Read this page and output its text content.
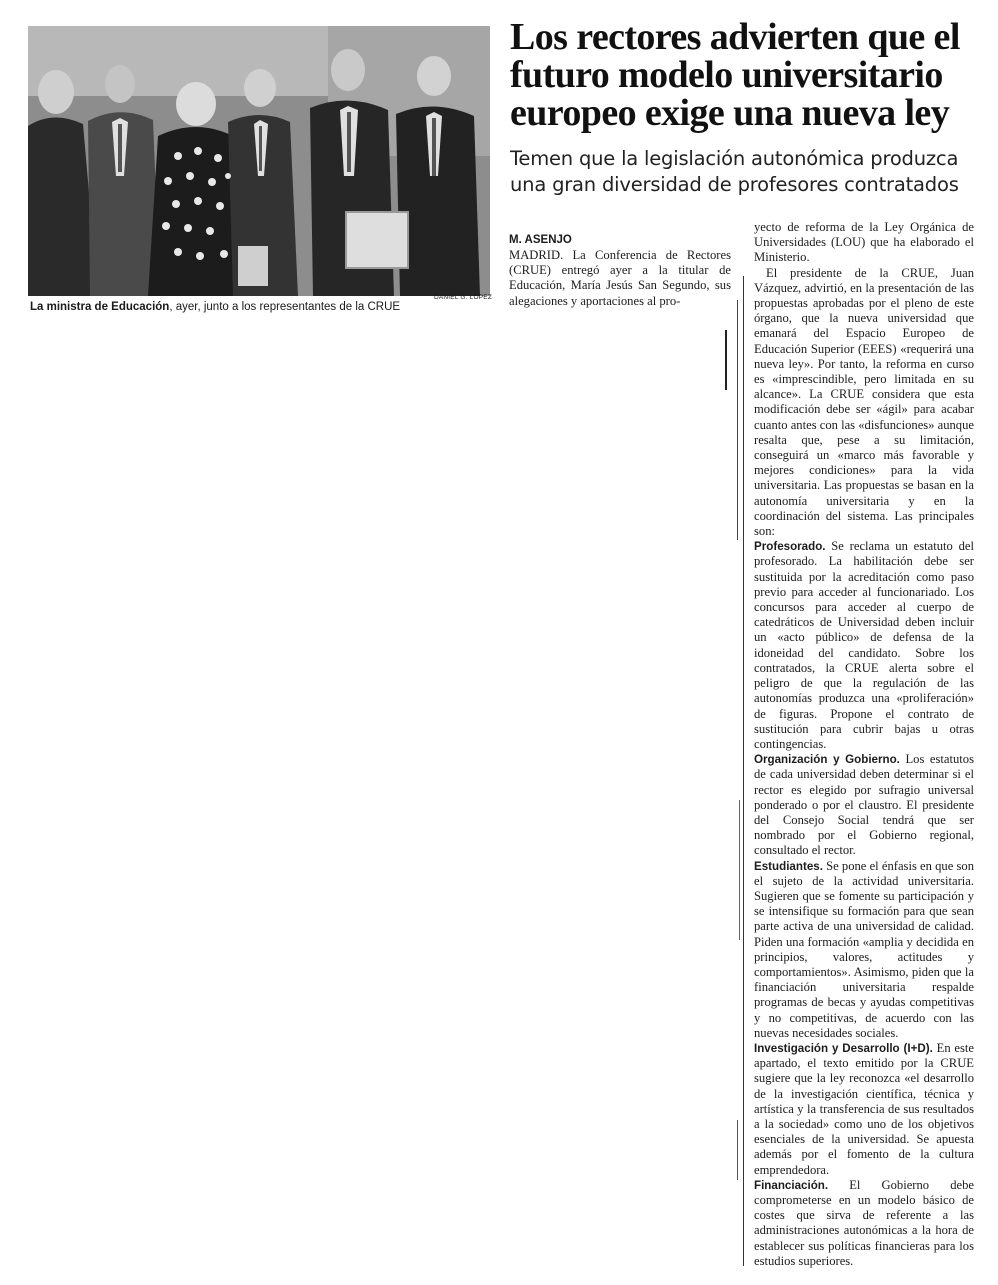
La ministra de Educación, ayer, junto a los representantes de la CRUE
DANIEL G. LÓPEZ
Los rectores advierten que el futuro modelo universitario europeo exige una nueva ley
Temen que la legislación autonómica produzca una gran diversidad de profesores contratados
M. ASENJO

MADRID. La Conferencia de Rectores (CRUE) entregó ayer a la titular de Educación, María Jesús San Segundo, sus alegaciones y aportaciones al pro-

yecto de reforma de la Ley Orgánica de Universidades (LOU) que ha elaborado el Ministerio.

El presidente de la CRUE, Juan Vázquez, advirtió, en la presentación de las propuestas aprobadas por el pleno de este órgano, que la nueva universidad que emanará del Espacio Europeo de Educación Superior (EEES) «requerirá una nueva ley». Por tanto, la reforma en curso es «imprescindible, pero limitada en su alcance». La CRUE considera que esta modificación debe ser «ágil» para acabar cuanto antes con las «disfunciones» aunque resalta que, pese a su limitación, conseguirá un «marco más favorable y mejores condiciones» para la vida universitaria. Las propuestas se basan en la autonomía universitaria y en la coordinación del sistema. Las principales son:

Profesorado. Se reclama un estatuto del profesorado. La habilitación debe ser sustituida por la acreditación como paso previo para acceder al funcionariado. Los concursos para acceder al cuerpo de catedráticos de Universidad deben incluir un «acto público» de defensa de la idoneidad del candidato. Sobre los contratados, la CRUE alerta sobre el peligro de que la regulación de las autonomías produzca una «proliferación» de figuras. Propone el contrato de sustitución para cubrir bajas u otras contingencias.

Organización y Gobierno. Los estatutos de cada universidad deben determinar si el rector es elegido por sufragio universal ponderado o por el claustro. El presidente del Consejo Social tendrá que ser nombrado por el Gobierno regional, consultado el rector.

Estudiantes. Se pone el énfasis en que son el sujeto de la actividad universitaria. Sugieren que se fomente su participación y se intensifique su formación para que sean parte activa de una universidad de calidad. Piden una formación «amplia y decidida en principios, valores, actitudes y comportamientos». Asimismo, piden que la financiación universitaria respalde programas de becas y ayudas competitivas y no competitivas, de acuerdo con las nuevas necesidades sociales.

Investigación y Desarrollo (I+D). En este apartado, el texto emitido por la CRUE sugiere que la ley reconozca «el desarrollo de la investigación científica, técnica y artística y la transferencia de sus resultados a la sociedad» como uno de los objetivos esenciales de la universidad. Se apuesta además por el fomento de la cultura emprendedora.

Financiación. El Gobierno debe comprometerse en un modelo básico de costes que sirva de referente a las administraciones autonómicas a la hora de establecer sus políticas financieras para los estudios superiores.
